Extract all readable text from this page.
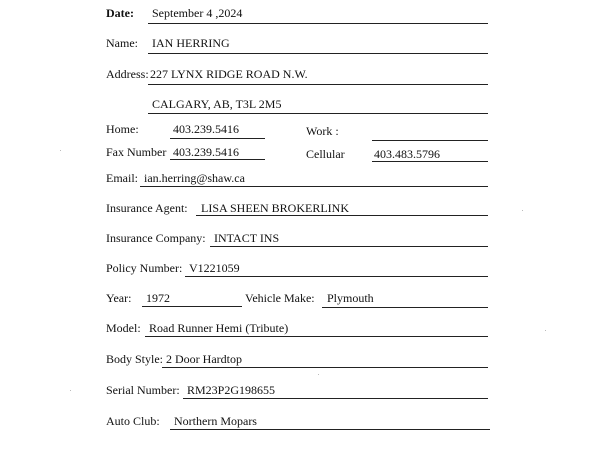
Date: September 4 ,2024
Name: IAN HERRING
Address: 227 LYNX RIDGE ROAD N.W.
CALGARY, AB, T3L 2M5
Home:	403.239.5416	Work :
Fax Number 403.239.5416	Cellular 403.483.5796
Email: ian.herring@shaw.ca
Insurance Agent: LISA SHEEN BROKERLINK
Insurance Company: INTACT INS
Policy Number: V1221059
Year: 1972	Vehicle Make: Plymouth
Model: Road Runner Hemi (Tribute)
Body Style: 2 Door Hardtop
Serial Number: RM23P2G198655
Auto Club: Northern Mopars
